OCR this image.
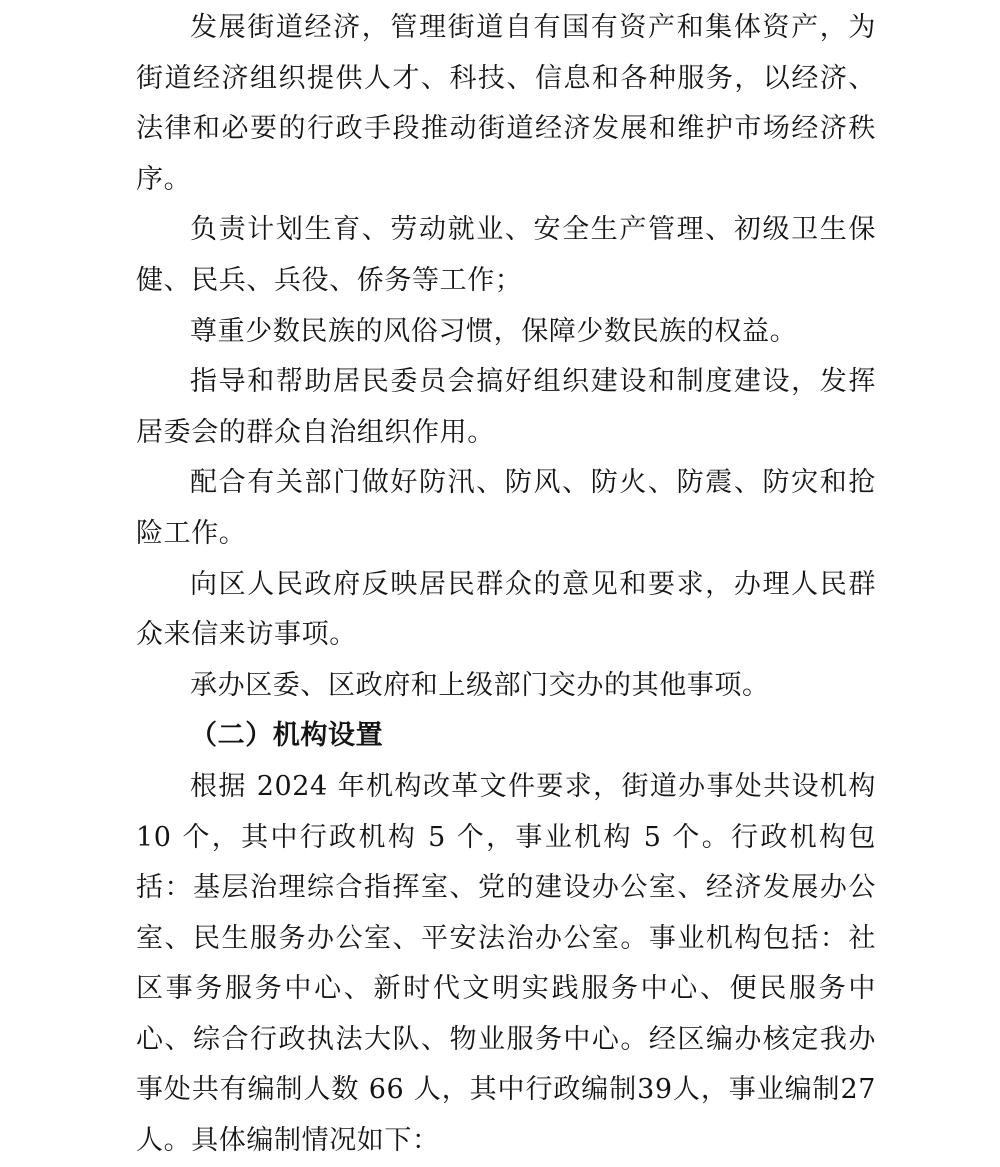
发展街道经济，管理街道自有国有资产和集体资产，为街道经济组织提供人才、科技、信息和各种服务，以经济、法律和必要的行政手段推动街道经济发展和维护市场经济秩序。

负责计划生育、劳动就业、安全生产管理、初级卫生保健、民兵、兵役、侨务等工作；

尊重少数民族的风俗习惯，保障少数民族的权益。

指导和帮助居民委员会搞好组织建设和制度建设，发挥居委会的群众自治组织作用。

配合有关部门做好防汛、防风、防火、防震、防灾和抢险工作。

向区人民政府反映居民群众的意见和要求，办理人民群众来信来访事项。

承办区委、区政府和上级部门交办的其他事项。

（二）机构设置

根据 2024 年机构改革文件要求，街道办事处共设机构 10 个，其中行政机构 5 个，事业机构 5 个。行政机构包括：基层治理综合指挥室、党的建设办公室、经济发展办公室、民生服务办公室、平安法治办公室。事业机构包括：社区事务服务中心、新时代文明实践服务中心、便民服务中心、综合行政执法大队、物业服务中心。经区编办核定我办事处共有编制人数 66 人，其中行政编制39人，事业编制27人。具体编制情况如下：
